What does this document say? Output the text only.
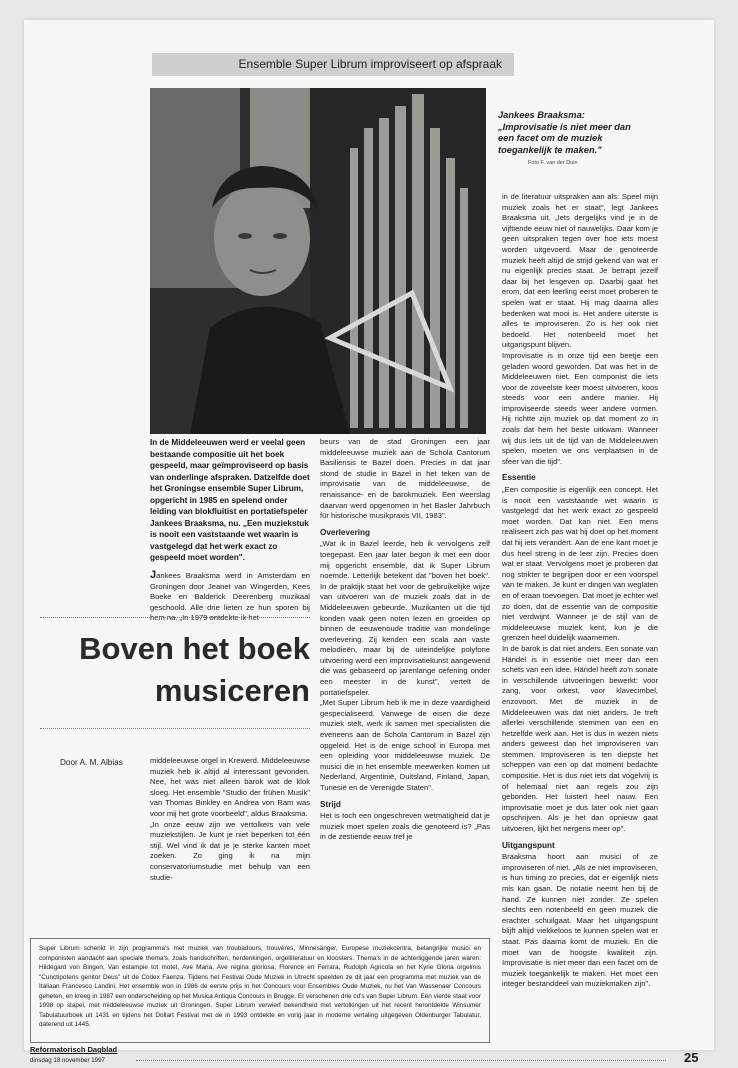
Ensemble Super Librum improviseert op afspraak
Jankees Braaksma: „Improvisatie is niet meer dan een facet om de muziek toegankelijk te maken."
Foto F. van der Duin
In de Middeleeuwen werd er veelal geen bestaande compositie uit het boek gespeeld, maar geïmproviseerd op basis van onderlinge afspraken. Datzelfde doet het Groningse ensemble Super Librum, opgericht in 1985 en spelend onder leiding van blokfluitist en portatiefspeler Jankees Braaksma, nu. „Een muziekstuk is nooit een vaststaande wet waarin is vastgelegd dat het werk exact zo gespeeld moet worden".

Jankees Braaksma werd in Amsterdam en Groningen door Jeanet van Wingerden, Kees Boeke en Balderick Deerenberg muzikaal geschoold. Alle drie lieten ze hun sporen bij hem na. „In 1979 ontdekte ik het

Boven het boek
musiceren
Door A. M. Albias	middeleeuwse orgel in Krewerd. Middeleeuwse muziek heb ik altijd al interessant gevonden. Nee, het was niet alleen barok wat de klok sloeg. Het ensemble "Studio der frühen Musik" van Thomas Binkley en Andrea von Ram was voor mij het grote voorbeeld", aldus Braaksma.

„In onze eeuw zijn we vertolkers van vele muziekstijlen. Je kunt je niet beperken tot één stijl. Wel vind ik dat je je sterke kanten moet zoeken. Zo ging ik na mijn conservatoriumstudie met behulp van een studie-

beurs van de stad Groningen een jaar middeleeuwse muziek aan de Schola Cantorum Basiliensis te Bazel doen. Precies in dat jaar stond de studie in Bazel in het teken van de improvisatie van de middeleeuwse, de renaissance- en de barokmuziek. Een weerslag daarvan werd opgenomen in het Basler Jahrbuch für historische musikpraxis VII, 1983".

Overlevering

„Wat ik in Bazel leerde, heb ik vervolgens zelf toegepast. Een jaar later begon ik met een door mij opgericht ensemble, dat ik Super Librum noemde. Letterlijk betekent dat "boven het boek". In de praktijk staat het voor de gebruikelijke wijze van uitvoeren van de muziek zoals dat in de Middeleeuwen gebeurde. Muzikanten uit die tijd konden vaak geen noten lezen en groeiden op binnen de eeuwenoude traditie van mondelinge overlevering. Zij kenden een scala aan vaste melodieën, maar bij de uiteindelijke polyfone uitvoering werd een improvisatiekunst aangewend die was gebaseerd op jarenlange oefening onder een meester in de kunst", vertelt de portatiefspeler.

„Met Super Librum heb ik me in deze vaardigheid gespecialiseerd. Vanwege de eisen die deze muziek stelt, werk ik samen met specialisten die eveneens aan de Schola Cantorum in Bazel zijn opgeleid. Het is de enige school in Europa met een opleiding voor middeleeuwse muziek. De musici die in het ensemble meewerken komen uit Nederland, Argentinië, Duitsland, Finland, Japan, Tunesië en de Verenigde Staten".

Strijd

Het is toch een ongeschreven wetmatigheid dat je muziek moet spelen zoals die genoteerd is? „Pas in de zestiende eeuw tref je

in de literatuur uitspraken aan als: Speel mijn muziek zoals het er staat", legt Jankees Braaksma uit. „Iets dergelijks vind je in de vijftiende eeuw niet of nauwelijks. Daar kom je geen uitspraken tegen over hoe iets moest worden uitgevoerd. Maar de genoteerde muziek heeft altijd de strijd gekend van wat er nu eigenlijk precies staat. Je betrapt jezelf daar bij het lesgeven op. Daarbij gaat het erom, dat een leerling eerst moet proberen te spelen wat er staat. Hij mag daarna alles bedenken wat mooi is. Het andere uiterste is alles te improviseren. Zo is het ook niet bedoeld. Het notenbeeld moet het uitgangspunt blijven.

Improvisatie is in onze tijd een beetje een geladen woord geworden. Dat was het in de Middeleeuwen niet. Een componist die iets voor de zoveelste keer moest uitvoeren, koos steeds voor een andere manier. Hij improviseerde steeds weer andere vormen. Hij richtte zijn muziek op dat moment zo in zoals dat hem het beste uitkwam. Wanneer wij dus iets uit de tijd van de Middeleeuwen spelen, moeten we ons verplaatsen in de sfeer van die tijd".

Essentie

„Een compositie is eigenlijk een concept. Het is nooit een vaststaande wet waarin is vastgelegd dat het werk exact zo gespeeld moet worden. Dat kan niet. Een mens realiseert zich pas wat hij doet op het moment dat hij iets verandert. Aan de ene kant moet je dus heel streng in de leer zijn. Precies doen wat er staat. Vervolgens moet je proberen dat nog strikter te begrijpen door er een voorspel van te maken. Je kunt er dingen van weglaten en of eraan toevoegen. Dat moet je echter wel zo doen, dat de essentie van de compositie niet verdwijnt. Wanneer je de stijl van de middeleeuwse muziek kent, kun je die grenzen heel duidelijk waarnemen.

In de barok is dat niet anders. Een sonate van Händel is in essentie niet meer dan een schets van een idee. Händel heeft zo'n sonate in verschillende uitvoeringen bewerkt: voor zang, voor orkest, voor klavecimbel, enzovoort. Met de muziek in de Middeleeuwen was dat niet anders. Je treft allerlei verschillende stemmen van een en hetzelfde werk aan. Het is dus in wezen niets anders geweest dan het improviseren van stemmen. Improviseren is ten diepste het scheppen van een op dat moment bedachte compositie. Het is dus niet iets dat vogelvrij is of helemaal niet aan regels zou zijn gebonden. Het luistert heel nauw. Een improvisatie moet je dus later ook niet gaan opschrijven. Als je het dan opnieuw gaat uitvoeren, lijkt het nergens meer op".

Uitgangspunt

Braaksma hoort aan musici of ze improviseren of niet. „Als ze niet improviseren, is hun timing zo precies, dat er eigenlijk niets mis kan gaan. De notatie neemt hen bij de hand. Ze kunnen niet zonder. Ze spelen slechts een notenbeeld en geen muziek die erachter schuilgaat. Maar het uitgangspunt blijft altijd viekkeloos te kunnen spelen wat er staat. Pas daarna komt de muziek. En die moet van de hoogste kwaliteit zijn. Improvisatie is niet meer dan een facet om de muziek toegankelijk te maken. Het moet een integer bestanddeel van muziekmaken zijn".

Super Librum schenkt in zijn programma's met muziek van troubadours, trouvères, Minnesänger, Europese muziekcentra, belangrijke musici en componisten aandacht aan speciale thema's, zoals handschriften, herdenkingen, orgelliteratuur en kloosters. Thema's in de achterliggende jaren waren: Hildegard von Bingen, Van estampie tot motet, Ave Maria, Ave regina gloriosa, Florence en Ferrara, Rudolph Agricola en het Kyrie Gloria orgelmis "Cunctipotens genitor Deus" uit de Codex Faenza. Tijdens het Festival Oude Muziek in Utrecht speelden ze dit jaar een programma met muziek van de Italiaan Francesco Landini. Het ensemble won in 1986 de eerste prijs in het Concours voor Ensembles Oude Muziek, nu het Van Wassenaer Concours geheten, en kreeg in 1987 een onderscheiding op het Musica Antiqua Concours in Brugge. Er verschenen drie cd's van Super Librum. Een vierde staat voor 1998 op stapel, met middeleeuwse muziek uit Groningen. Super Librum verwierf bekendheid met vertolkingen uit het recent herontdekte Winsumer Tabulatuurboek uit 1431 en tijdens het Dollart Festival met de in 1993 ontdekte en vorig jaar in moderne vertaling uitgegeven Oldenburger Tabulatur, daterend uit 1445.
Reformatorisch Dagblad
dinsdag 18 november 1997	25
